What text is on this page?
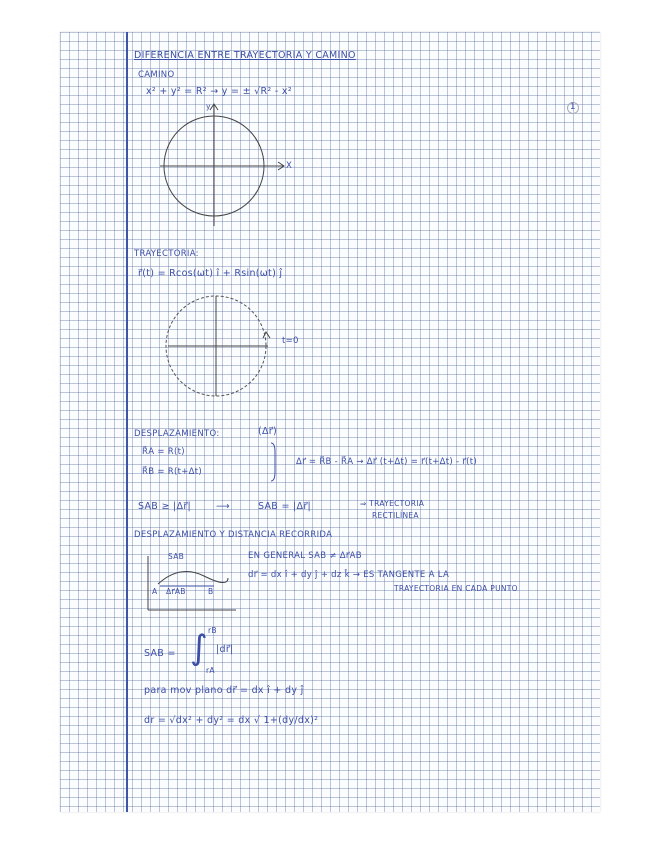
1
DIFERENCIA ENTRE TRAYECTORIA Y CAMINO
CAMINO
x² + y² = R² → y = ± √R² - x²
X
y
TRAYECTORIA:
r⃗(t) = Rcos(ωt) î + Rsin(ωt) ĵ
t=0
DESPLAZAMIENTO:	(Δr⃗)
R⃗A = R(t)
R⃗B = R(t+Δt)
Δr⃗ = R⃗B - R⃗A → Δr⃗ (t+Δt) = r⃗(t+Δt) - r⃗(t)
SAB ≥ |Δr⃗|	⟶	SAB = |Δr⃗|	⇒ TRAYECTORIA
RECTILÍNEA
DESPLAZAMIENTO Y DISTANCIA RECORRIDA
EN GENERAL SAB ≠ Δr⃗AB
dr⃗ = dx î + dy ĵ + dz k̂ → ES TANGENTE A LA
TRAYECTORIA EN CADA PUNTO
SAB
A Δr⃗AB	B
SAB =
rB
∫
rA
|dr⃗|
para mov plano dr⃗ = dx î + dy ĵ
dr = √dx² + dy² = dx √ 1+(dy/dx)²
